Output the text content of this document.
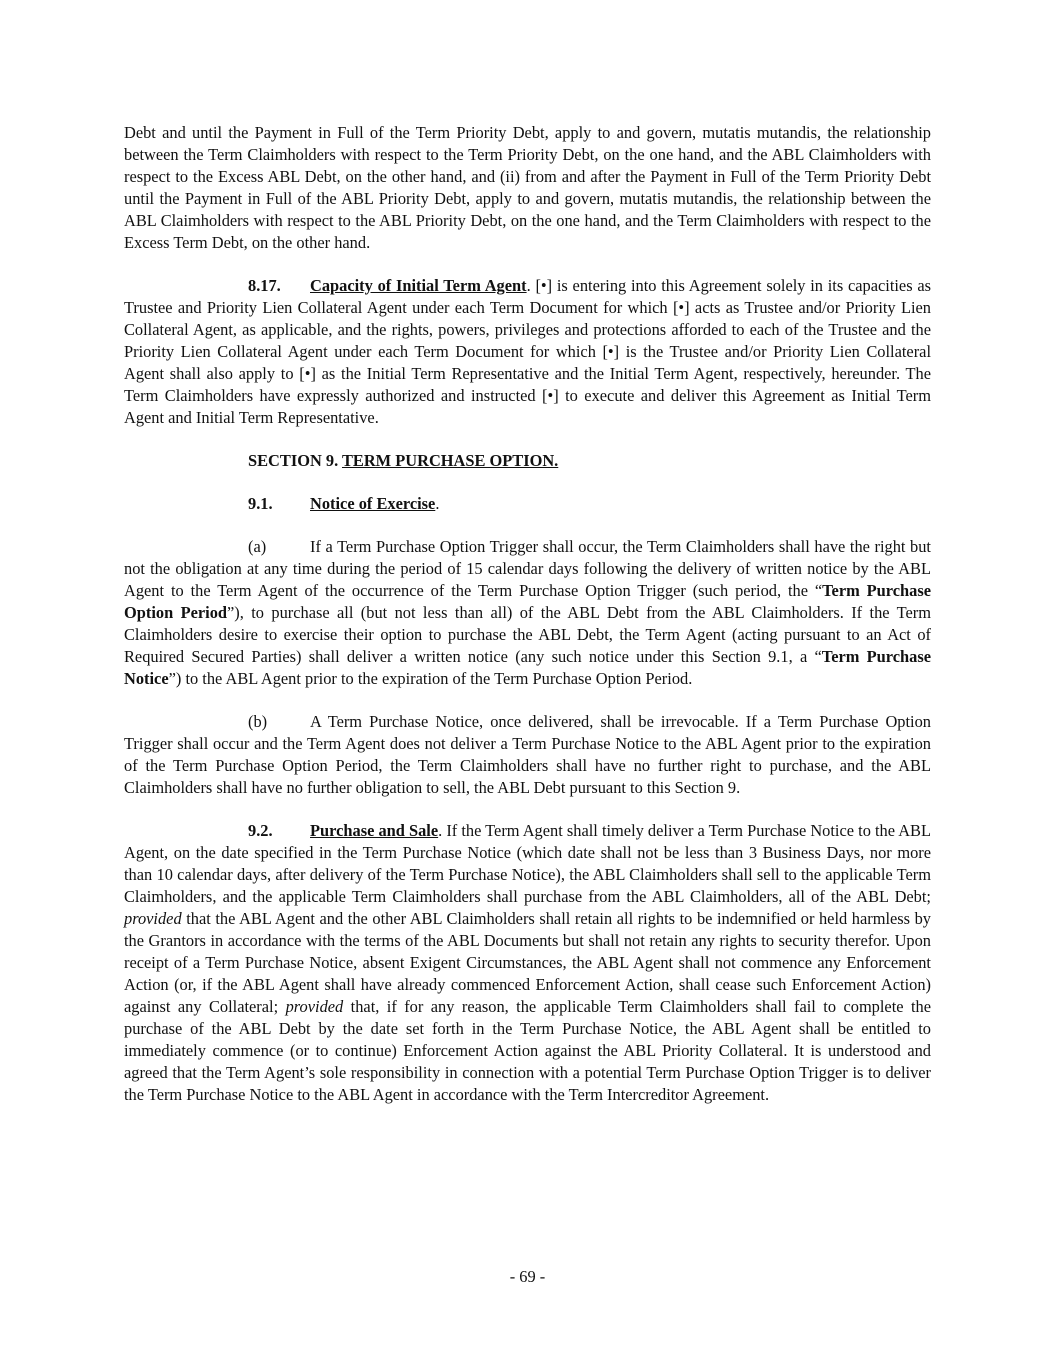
Debt and until the Payment in Full of the Term Priority Debt, apply to and govern, mutatis mutandis, the relationship between the Term Claimholders with respect to the Term Priority Debt, on the one hand, and the ABL Claimholders with respect to the Excess ABL Debt, on the other hand, and (ii) from and after the Payment in Full of the Term Priority Debt until the Payment in Full of the ABL Priority Debt, apply to and govern, mutatis mutandis, the relationship between the ABL Claimholders with respect to the ABL Priority Debt, on the one hand, and the Term Claimholders with respect to the Excess Term Debt, on the other hand.

8.17. Capacity of Initial Term Agent. [•] is entering into this Agreement solely in its capacities as Trustee and Priority Lien Collateral Agent under each Term Document for which [•] acts as Trustee and/or Priority Lien Collateral Agent, as applicable, and the rights, powers, privileges and protections afforded to each of the Trustee and the Priority Lien Collateral Agent under each Term Document for which [•] is the Trustee and/or Priority Lien Collateral Agent shall also apply to [•] as the Initial Term Representative and the Initial Term Agent, respectively, hereunder. The Term Claimholders have expressly authorized and instructed [•] to execute and deliver this Agreement as Initial Term Agent and Initial Term Representative.

SECTION 9. TERM PURCHASE OPTION.
9.1. Notice of Exercise.

(a)	If a Term Purchase Option Trigger shall occur, the Term Claimholders shall have the right but not the obligation at any time during the period of 15 calendar days following the delivery of written notice by the ABL Agent to the Term Agent of the occurrence of the Term Purchase Option Trigger (such period, the “Term Purchase Option Period”), to purchase all (but not less than all) of the ABL Debt from the ABL Claimholders. If the Term Claimholders desire to exercise their option to purchase the ABL Debt, the Term Agent (acting pursuant to an Act of Required Secured Parties) shall deliver a written notice (any such notice under this Section 9.1, a “Term Purchase Notice”) to the ABL Agent prior to the expiration of the Term Purchase Option Period.

(b)	A Term Purchase Notice, once delivered, shall be irrevocable. If a Term Purchase Option Trigger shall occur and the Term Agent does not deliver a Term Purchase Notice to the ABL Agent prior to the expiration of the Term Purchase Option Period, the Term Claimholders shall have no further right to purchase, and the ABL Claimholders shall have no further obligation to sell, the ABL Debt pursuant to this Section 9.

9.2. Purchase and Sale. If the Term Agent shall timely deliver a Term Purchase Notice to the ABL Agent, on the date specified in the Term Purchase Notice (which date shall not be less than 3 Business Days, nor more than 10 calendar days, after delivery of the Term Purchase Notice), the ABL Claimholders shall sell to the applicable Term Claimholders, and the applicable Term Claimholders shall purchase from the ABL Claimholders, all of the ABL Debt; provided that the ABL Agent and the other ABL Claimholders shall retain all rights to be indemnified or held harmless by the Grantors in accordance with the terms of the ABL Documents but shall not retain any rights to security therefor. Upon receipt of a Term Purchase Notice, absent Exigent Circumstances, the ABL Agent shall not commence any Enforcement Action (or, if the ABL Agent shall have already commenced Enforcement Action, shall cease such Enforcement Action) against any Collateral; provided that, if for any reason, the applicable Term Claimholders shall fail to complete the purchase of the ABL Debt by the date set forth in the Term Purchase Notice, the ABL Agent shall be entitled to immediately commence (or to continue) Enforcement Action against the ABL Priority Collateral. It is understood and agreed that the Term Agent’s sole responsibility in connection with a potential Term Purchase Option Trigger is to deliver the Term Purchase Notice to the ABL Agent in accordance with the Term Intercreditor Agreement.

- 69 -
